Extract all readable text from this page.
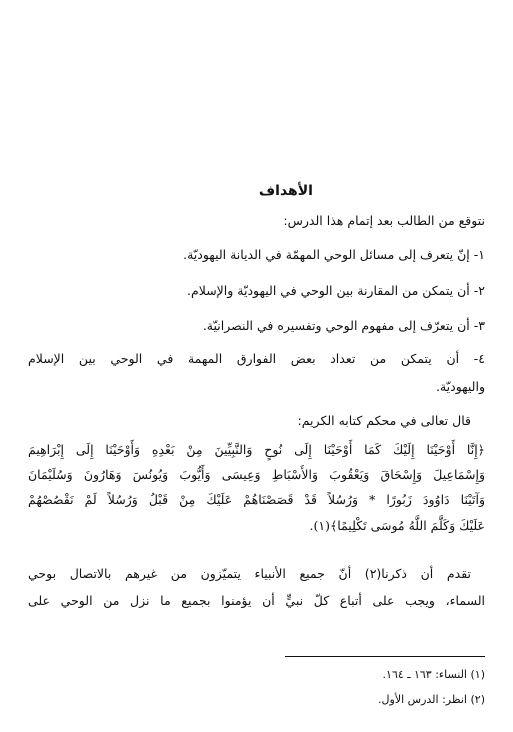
الأهداف
نتوقع من الطالب بعد إتمام هذا الدرس:
١- إنّ يتعرف إلى مسائل الوحي المهمّة في الديانة اليهوديّة.
٢- أن يتمكن من المقارنة بين الوحي في اليهوديّة والإسلام.
٣- أن يتعرّف إلى مفهوم الوحي وتفسيره في النصرانيّة.
٤- أن يتمكن من تعداد بعض الفوارق المهمة في الوحي بين الإسلام
واليهوديّة.
قال تعالى في محكم كتابه الكريم:
﴿إِنَّا أَوْحَيْنَا إِلَيْكَ كَمَا أَوْحَيْنَا إِلَى نُوحٍ وَالنَّبِيِّينَ مِنْ بَعْدِهِ وَأَوْحَيْنَا إِلَى إِبْرَاهِيمَ
وَإِسْمَاعِيلَ وَإِسْحَاقَ وَيَعْقُوبَ وَالأَسْبَاطِ وَعِيسَى وَأَيُّوبَ وَيُونُسَ وَهَارُونَ وَسُلَيْمَانَ
وَآتَيْنَا دَاوُودَ زَبُورًا * وَرُسُلاً قَدْ قَصَصْنَاهُمْ عَلَيْكَ مِنْ قَبْلُ وَرُسُلاً لَمْ نَقْصُصْهُمْ
عَلَيْكَ وَكَلَّمَ اللَّهُ مُوسَى تَكْلِيمًا﴾(١).
تقدم أن ذكرنا(٢) أنّ جميع الأنبياء يتميّزون من غيرهم بالاتصال بوحي
السماء، ويجب على أتباع كلّ نبيٍّ أن يؤمنوا بجميع ما نزل من الوحي على
(١) النساء: ١٦٣ ـ ١٦٤.
(٢) انظر: الدرس الأول.
